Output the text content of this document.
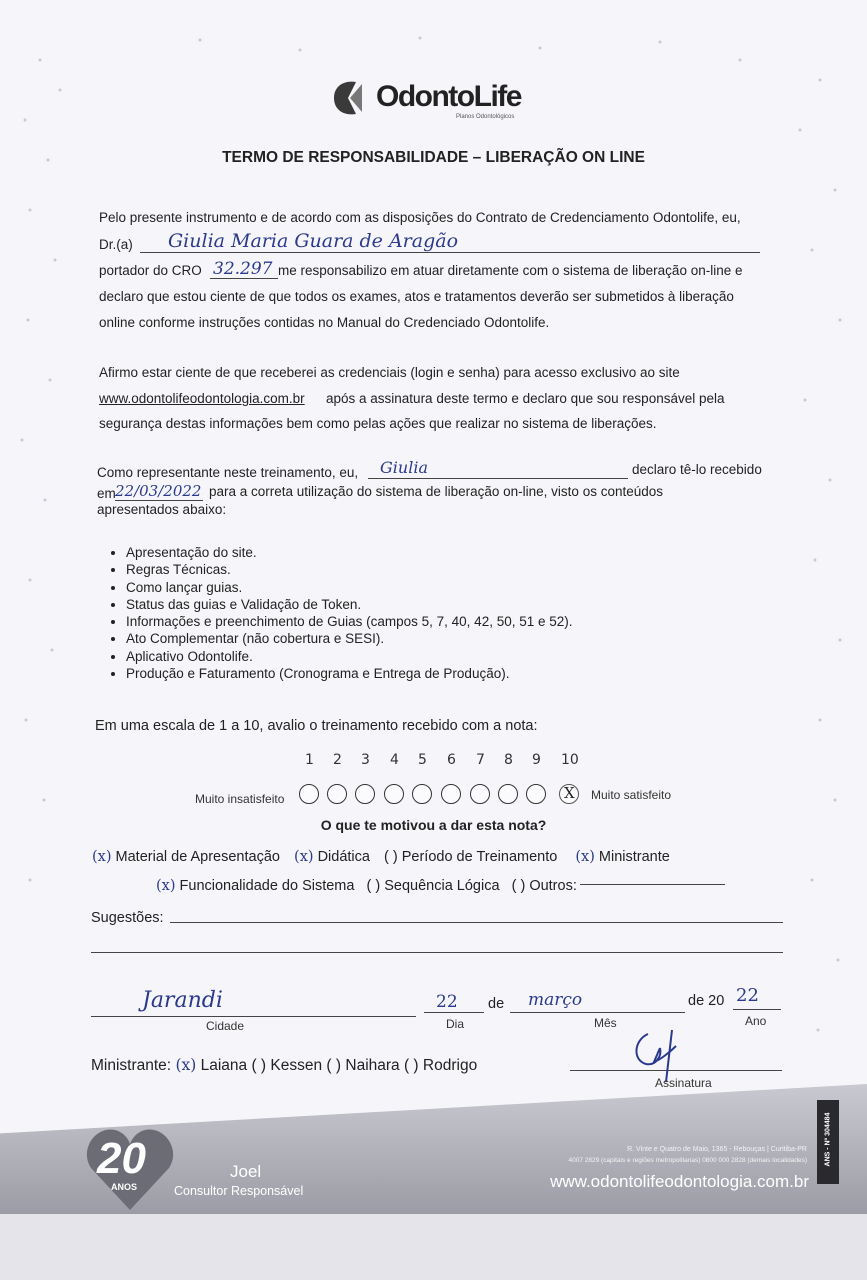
OdontoLife
Planos Odontológicos
TERMO DE RESPONSABILIDADE – LIBERAÇÃO ON LINE
Pelo presente instrumento e de acordo com as disposições do Contrato de Credenciamento Odontolife, eu,
Dr.(a) Giulia Maria Guara de Aragão
portador do CRO 32.297 me responsabilizo em atuar diretamente com o sistema de liberação on-line e
declaro que estou ciente de que todos os exames, atos e tratamentos deverão ser submetidos à liberação
online conforme instruções contidas no Manual do Credenciado Odontolife.
Afirmo estar ciente de que receberei as credenciais (login e senha) para acesso exclusivo ao site
www.odontolifeodontologia.com.br após a assinatura deste termo e declaro que sou responsável pela
segurança destas informações bem como pelas ações que realizar no sistema de liberações.
Como representante neste treinamento, eu, Giulia	declaro tê-lo recebido
em 22/03/2022 para a correta utilização do sistema de liberação on-line, visto os conteúdos
apresentados abaixo:
• Apresentação do site.
• Regras Técnicas.
• Como lançar guias.
• Status das guias e Validação de Token.
• Informações e preenchimento de Guias (campos 5, 7, 40, 42, 50, 51 e 52).
• Ato Complementar (não cobertura e SESI).
• Aplicativo Odontolife.
• Produção e Faturamento (Cronograma e Entrega de Produção).
Em uma escala de 1 a 10, avalio o treinamento recebido com a nota:
1 2 3 4 5 6 7 8 9 10
Muito insatisfeito	X Muito satisfeito
O que te motivou a dar esta nota?
(x) Material de Apresentação (x) Didática ( ) Período de Treinamento (x) Ministrante
(x) Funcionalidade do Sistema ( ) Sequência Lógica ( ) Outros:
Sugestões:
Jarandi
Cidade
22
Dia
de março
Mês
de 20 22
Ano
Ministrante: (x) Laiana ( ) Kessen ( ) Naihara ( ) Rodrigo
Assinatura
20
ANOS
Joel
Consultor Responsável
R. Vinte e Quatro de Maio, 1365 - Rebouças | Curitiba-PR
4007 2829 (capitais e regiões metropolitanas) 0800 000 2828 (demais localidades)
www.odontolifeodontologia.com.br
ANS - Nº 304484
